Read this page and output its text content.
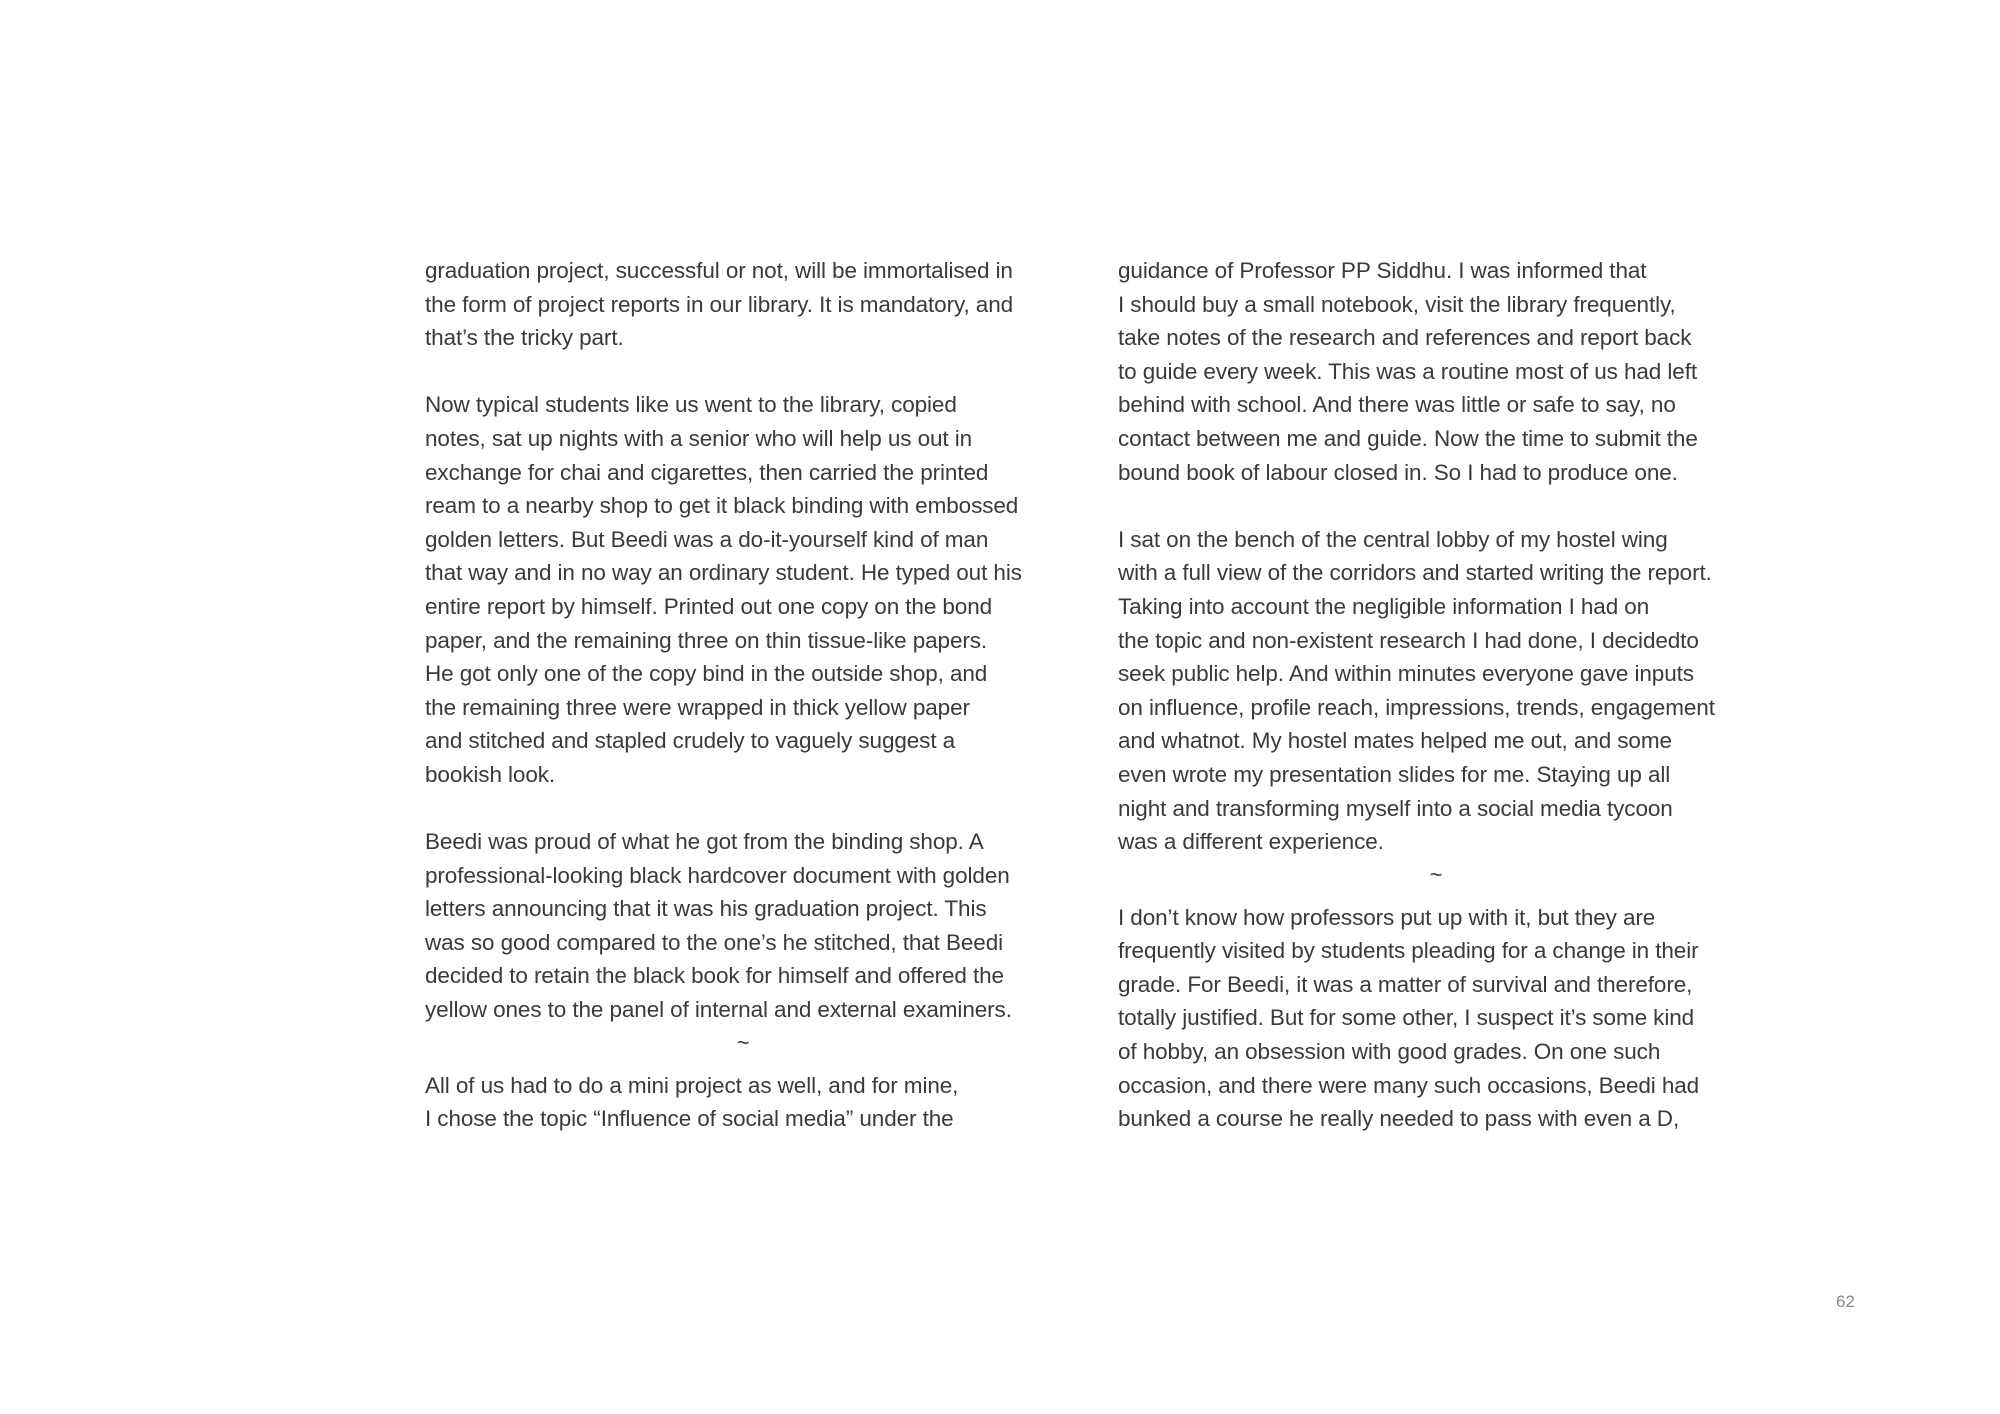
graduation project, successful or not, will be immortalised in
the form of project reports in our library. It is mandatory, and
that’s the tricky part.
Now typical students like us went to the library, copied
notes, sat up nights with a senior who will help us out in
exchange for chai and cigarettes, then carried the printed
ream to a nearby shop to get it black binding with embossed
golden letters. But Beedi was a do-it-yourself kind of man
that way and in no way an ordinary student. He typed out his
entire report by himself. Printed out one copy on the bond
paper, and the remaining three on thin tissue-like papers.
He got only one of the copy bind in the outside shop, and
the remaining three were wrapped in thick yellow paper
and stitched and stapled crudely to vaguely suggest a
bookish look.
Beedi was proud of what he got from the binding shop. A
professional-looking black hardcover document with golden
letters announcing that it was his graduation project. This
was so good compared to the one’s he stitched, that Beedi
decided to retain the black book for himself and offered the
yellow ones to the panel of internal and external examiners.
~
All of us had to do a mini project as well, and for mine,
I chose the topic “Influence of social media” under the
guidance of Professor PP Siddhu. I was informed that
I should buy a small notebook, visit the library frequently,
take notes of the research and references and report back
to guide every week. This was a routine most of us had left
behind with school. And there was little or safe to say, no
contact between me and guide. Now the time to submit the
bound book of labour closed in. So I had to produce one.
I sat on the bench of the central lobby of my hostel wing
with a full view of the corridors and started writing the report.
Taking into account the negligible information I had on
the topic and non-existent research I had done, I decidedto
seek public help. And within minutes everyone gave inputs
on influence, profile reach, impressions, trends, engagement
and whatnot. My hostel mates helped me out, and some
even wrote my presentation slides for me. Staying up all
night and transforming myself into a social media tycoon
was a different experience.
~
I don’t know how professors put up with it, but they are
frequently visited by students pleading for a change in their
grade. For Beedi, it was a matter of survival and therefore,
totally justified. But for some other, I suspect it’s some kind
of hobby, an obsession with good grades. On one such
occasion, and there were many such occasions, Beedi had
bunked a course he really needed to pass with even a D,
62
